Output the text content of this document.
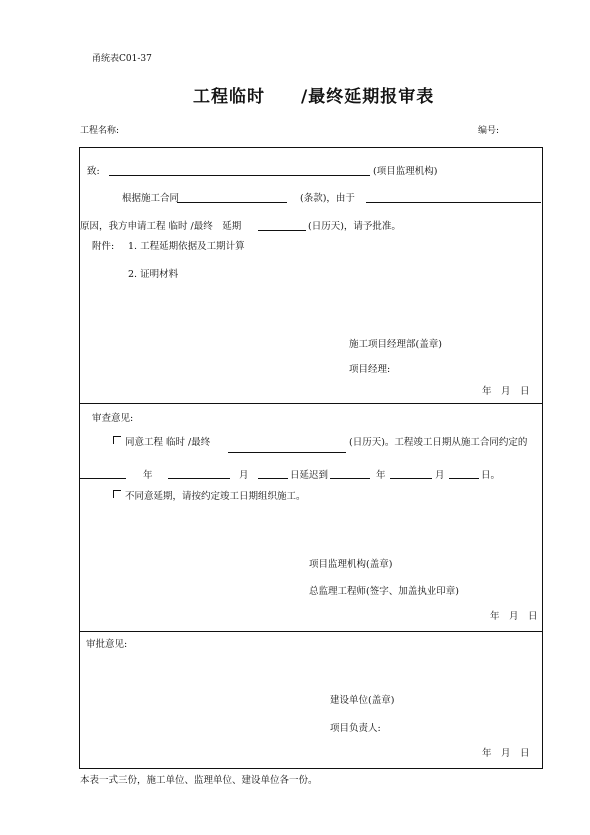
甬统表C01-37
工程临时　　/最终延期报审表
工程名称:	编号:
致:	(项目监理机构)
根据施工合同	(条款)，由于
原因，我方申请工程 临时 /最终　延期	(日历天)，请予批准。
附件: 1. 工程延期依据及工期计算
2. 证明材料
施工项目经理部(盖章)
项目经理:
年　月　日
审查意见:
同意工程 临时 /最终	(日历天)。工程竣工日期从施工合同约定的
年	月	日延迟到	年	月	日。
不同意延期，请按约定竣工日期组织施工。
项目监理机构(盖章)
总监理工程师(签字、加盖执业印章)
年　月　日
审批意见:
建设单位(盖章)
项目负责人:
年　月　日
本表一式三份，施工单位、监理单位、建设单位各一份。
